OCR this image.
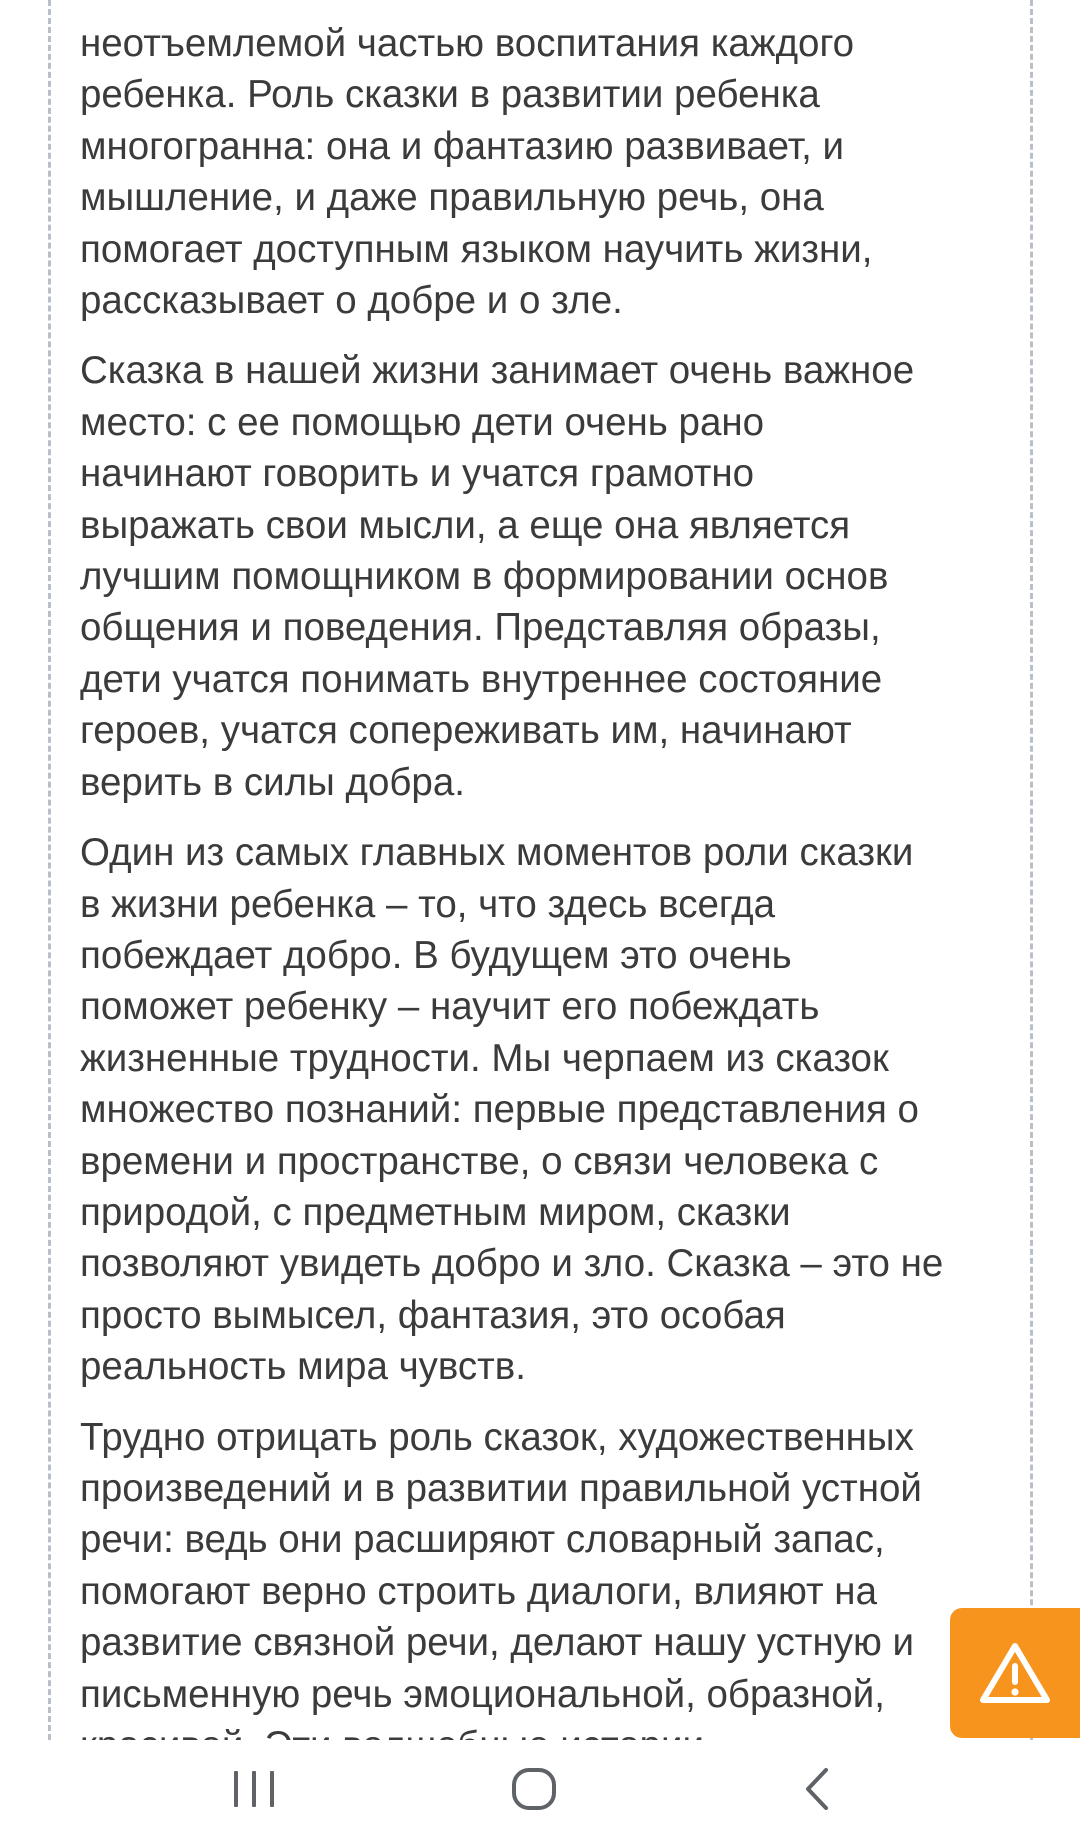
неотъемлемой частью воспитания каждого
ребенка. Роль сказки в развитии ребенка
многогранна: она и фантазию развивает, и
мышление, и даже правильную речь, она
помогает доступным языком научить жизни,
рассказывает о добре и о зле.

Сказка в нашей жизни занимает очень важное
место: с ее помощью дети очень рано
начинают говорить и учатся грамотно
выражать свои мысли, а еще она является
лучшим помощником в формировании основ
общения и поведения. Представляя образы,
дети учатся понимать внутреннее состояние
героев, учатся сопереживать им, начинают
верить в силы добра.

Один из самых главных моментов роли сказки
в жизни ребенка – то, что здесь всегда
побеждает добро. В будущем это очень
поможет ребенку – научит его побеждать
жизненные трудности. Мы черпаем из сказок
множество познаний: первые представления о
времени и пространстве, о связи человека с
природой, с предметным миром, сказки
позволяют увидеть добро и зло. Сказка – это не
просто вымысел, фантазия, это особая
реальность мира чувств.

Трудно отрицать роль сказок, художественных
произведений и в развитии правильной устной
речи: ведь они расширяют словарный запас,
помогают верно строить диалоги, влияют на
развитие связной речи, делают нашу устную и
письменную речь эмоциональной, образной,
